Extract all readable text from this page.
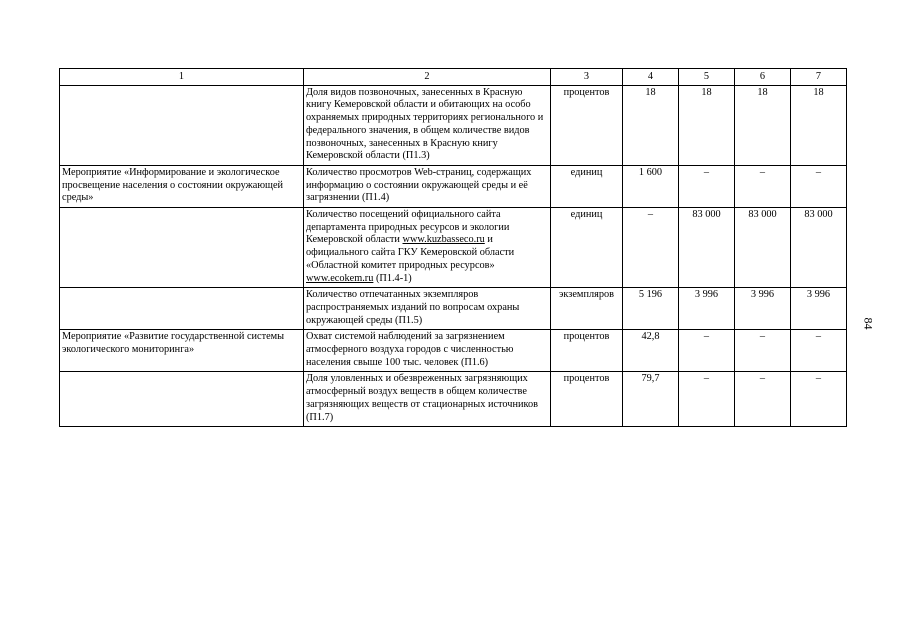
1	2	3	4	5	6	7
	Доля видов позвоночных, занесенных в Красную книгу Кемеровской области и обитающих на особо охраняемых природных территориях регионального и федерального значения, в общем количестве видов позвоночных, занесенных в Красную книгу Кемеровской области (П1.3)	процентов	18	18	18	18
Мероприятие «Информирование и экологическое просвещение населения о состоянии окружающей среды»	Количество просмотров Web-страниц, содержащих информацию о состоянии окружающей среды и её загрязнении (П1.4)	единиц	1 600	–	–	–
	Количество посещений официального сайта департамента природных ресурсов и экологии Кемеровской области www.kuzbasseco.ru и официального сайта ГКУ Кемеровской области «Областной комитет природных ресурсов» www.ecokem.ru (П1.4-1)	единиц	–	83 000	83 000	83 000
	Количество отпечатанных экземпляров распространяемых изданий по вопросам охраны окружающей среды (П1.5)	экземпляров	5 196	3 996	3 996	3 996
Мероприятие «Развитие государственной системы экологического мониторинга»	Охват системой наблюдений за загрязнением атмосферного воздуха городов с численностью населения свыше 100 тыс. человек (П1.6)	процентов	42,8	–	–	–
	Доля уловленных и обезвреженных загрязняющих атмосферный воздух веществ в общем количестве загрязняющих веществ от стационарных источников (П1.7)	процентов	79,7	–	–	–
84
